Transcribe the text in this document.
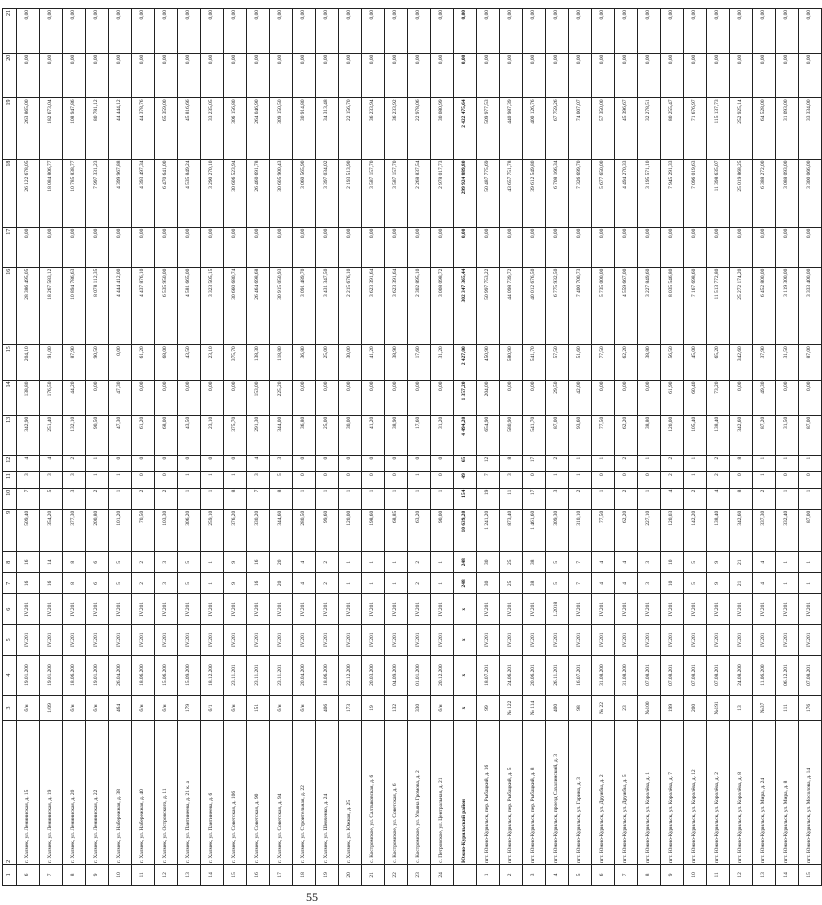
1	2	3	4	5	6	7	8	9	10	11	12	13	14	15	16	17	18	19	20	21
6	г. Халмек, ул. Лениниская, д. 15	б/н	19.01.200	IV.201	IV.201	16	16	509,40	7	3	4	342,90	138,80	204,10	28 386 495,05	0,00	26 122 678,05	263 865,00	0,00	0,00
7	г. Халмек, ул. Лениниская, д. 19	1/09	19.01.200	IV.201	IV.201	16	14	354,20	5	3	4	251,40	176,50	91,00	18 267 583,12	0,00	18 084 806,77	182 673,04	0,00	0,00
8	г. Халмек, ул. Лениниская, д. 20	б/н	18.06.200	IV.201	IV.201	8	8	377,30	3	3	2	132,10	44,20	87,90	10 894 786,63	0,00	10 785 838,77	108 947,86	0,00	0,00
9	г. Халмек, ул. Лениниская, д. 22	б/н	19.01.200	IV.201	IV.201	6	6	200,80	2	1	1	90,50	0,00	90,50	8 078 112,35	0,00	7 997 331,23	80 781,12	0,00	0,00
10	г. Халмек, ул. Набережная, д. 38	464	26.04.200	IV.201	IV.201	5	5	101,20	1	1	0	47,30	47,30	0,00	4 444 412,00	0,00	4 399 967,88	44 444,12	0,00	0,00
11	г. Халмек, ул. Набережная, д. 40	б/н	18.06.200	IV.201	IV.201	2	2	70,50	2	0	0	61,20	0,00	61,20	4 437 876,10	0,00	4 393 497,34	44 378,76	0,00	0,00
12	г. Халмек, ул. Островского, д. 11	б/н	15.06.200	IV.201	IV.201	3	3	103,30	2	0	0	68,00	0,00	68,00	6 535 950,00	0,00	6 470 641,00	65 359,00	0,00	0,00
13	г. Халмек, ул. Пантинеева, д. 21 к. а	179	15.09.200	IV.201	IV.201	5	5	306,20	1	1	0	43,50	0,00	43,50	4 581 665,00	0,00	4 535 849,24	45 816,66	0,00	0,00
14	г. Халмек, ул. Пантинеева, д. 6	б/1	18.12.200	IV.201	IV.201	1	1	259,10	1	1	0	23,10	0,00	23,10	3 323 505,15	0,00	3 290 270,10	33 235,05	0,00	0,00
15	г. Халмек, ул. Советская, д. 106	б/н	23.11.201	IV.201	IV.201	9	9	376,20	8	1	0	375,70	0,00	375,70	30 660 680,74	0,00	30 606 523,94	306 156,80	0,00	0,00
16	г. Халмек, ул. Советская, д. 90	151	23.11.201	IV.201	IV.201	16	16	330,20	7	3	4	291,30	153,00	138,30	26 464 698,68	0,00	26 460 691,78	264 046,90	0,00	0,00
17	г. Халмек, ул. Советская, д. 94	б/н	23.11.201	IV.201	IV.201	20	20	344,60	8	5	3	344,00	225,20	118,80	30 915 050,93	0,00	30 605 900,43	309 150,50	0,00	0,00
18	г. Халмек, ул. Строительная, д. 22	б/н	20.04.200	IV.201	IV.201	4	4	280,50	1	0	0	36,80	0,00	36,80	3 091 489,70	0,00	3 060 565,90	30 914,80	0,00	0,00
19	г. Халмек, ул. Шевченко, д. 24	406	18.06.200	IV.201	IV.201	2	2	99,60	1	0	0	25,00	0,00	25,00	3 431 347,50	0,00	3 397 034,02	34 313,48	0,00	0,00
20	г. Халмек, ул. Южная, д. 25	173	22.12.200	IV.201	IV.201	1	1	120,00	1	0	0	30,00	0,00	30,00	2 215 676,10	0,00	2 193 513,90	22 156,70	0,00	0,00
21	с. Костромское, ул. Салтыковская, д. 6	19	20.03.200	IV.201	IV.201	1	1	198,60	1	0	0	41,20	0,00	41,20	3 623 391,64	0,00	3 587 157,70	36 233,94	0,00	0,00
22	с. Костромское, ул. Советская, д. 6	132	04.09.200	IV.201	IV.201	1	1	68,85	1	0	0	38,90	0,00	38,90	3 623 391,64	0,00	3 587 157,70	36 233,92	0,00	0,00
23	с. Костромское, ул. Ульяна Громова, д. 2	330	01.01.200	IV.201	IV.201	2	2	63,20	1	1	0	17,60	0,00	17,60	2 302 895,10	0,00	2 268 837,54	22 978,06	0,00	0,00
24	с. Петровское, ул. Центральная, д. 21	б/н	20.12.200	IV.201	IV.201	1	1	90,00	1	0	0	31,20	0,00	31,20	3 008 098,72	0,00	2 978 017,73	30 080,99	0,00	0,00
	Южно-Курильский район	x	x	x	x	248	248	10 639,20	154	49	65	4 494,20	1 357,20	2 427,00	302 347 365,44	0,00	299 924 889,80	2 422 475,64	0,00	0,00
1	пгт. Южно-Курильск, пер. Рыбацкий, д. 16	99	18.07.201	IV.201	IV.201	30	30	1 241,20	19	7	12	654,90	204,00	450,90	50 997 753,22	0,00	50 487 775,69	509 977,53	0,00	0,00
2	пгт. Южно-Курильск, пер. Рыбацкий, д. 5	№ 122	24.06.201	IV.201	IV.201	25	25	873,40	11	3	8	580,90	0,00	580,90	44 098 739,72	0,00	43 657 751,78	440 987,39	0,00	0,00
3	пгт. Южно-Курильск, пер. Рыбацкий, д. 8	№ 114	20.06.201	IV.201	IV.201	38	38	1 461,60	17	0	17	541,70	0,00	541,70	40 012 676,50	0,00	39 612 549,80	400 126,76	0,00	0,00
4	пгт. Южно-Курильск, проезд Сахалинский, д. 3	400	26.11.201	IV.201	1.2018	5	5	309,30	3	1	2	87,00	29,50	57,50	6 775 932,50	0,00	6 708 166,34	67 759,26	0,00	0,00
5	пгт. Южно-Курильск, ул. Гарина, д. 3	98	16.07.201	IV.201	IV.201	7	7	310,10	2	1	1	93,60	42,00	51,60	7 400 700,73	0,00	7 326 699,70	74 007,07	0,00	0,00
6	пгт. Южно-Курильск, ул. Дружбы, д. 2	№ 22	31.08.200	IV.201	IV.201	4	4	77,50	1	0	1	77,50	0,00	77,50	5 735 000,00	0,00	5 677 650,00	57 350,00	0,00	0,00
7	пгт. Южно-Курильск, ул. Дружбы, д. 5	23	31.08.200	IV.201	IV.201	4	4	62,20	2	0	2	62,20	0,00	62,20	4 559 667,00	0,00	4 494 270,33	45 396,67	0,00	0,00
8	пгт. Южно-Курильск, ул. Королёва, д. 1	№100	07.08.201	IV.201	IV.201	3	3	227,10	1	0	1	38,80	0,00	38,80	3 227 849,60	0,00	3 195 571,10	32 278,51	0,00	0,00
9	пгт. Южно-Курильск, ул. Королёва, д. 7	199	07.08.201	IV.201	IV.201	10	10	120,03	4	2	2	120,00	61,90	56,50	8 035 546,80	0,00	7 945 291,33	80 255,47	0,00	0,00
10	пгт. Южно-Курильск, ул. Королёва, д. 12	200	07.08.201	IV.201	IV.201	5	5	142,20	2	1	1	105,40	60,40	45,00	7 167 698,60	0,00	7 096 019,63	71 676,97	0,00	0,00
11	пгт. Южно-Курильск, ул. Королёва, д. 2	№191	07.08.201	IV.201	IV.201	9	9	138,40	4	2	2	138,40	73,20	65,20	11 513 772,80	0,00	11 398 635,07	115 137,73	0,00	0,00
12	пгт. Южно-Курильск, ул. Королёва, д. 8	13	24.08.200	IV.201	IV.201	21	21	342,60	8	0	8	342,60	0,00	342,60	25 272 174,20	0,00	25 019 868,25	252 925,14	0,00	0,00
13	пгт. Южно-Курильск, ул. Мира, д. 24	№37	11.06.200	IV.201	IV.201	4	4	337,30	2	1	1	87,20	49,30	37,90	6 452 800,00	0,00	6 388 272,00	64 528,00	0,00	0,00
14	пгт. Южно-Курильск, ул. Мира, д. 8	111	06.12.201	IV.201	IV.201	1	1	332,40	1	0	1	31,50	0,00	31,50	3 119 300,00	0,00	3 088 093,00	31 093,00	0,00	0,00
15	пгт. Южно-Курильск, ул. Мосолова, д. 14	176	07.08.201	IV.201	IV.201	1	1	87,00	1	0	1	87,00	0,00	87,00	3 333 400,00	0,00	3 300 066,00	33 334,00	0,00	0,00
55
